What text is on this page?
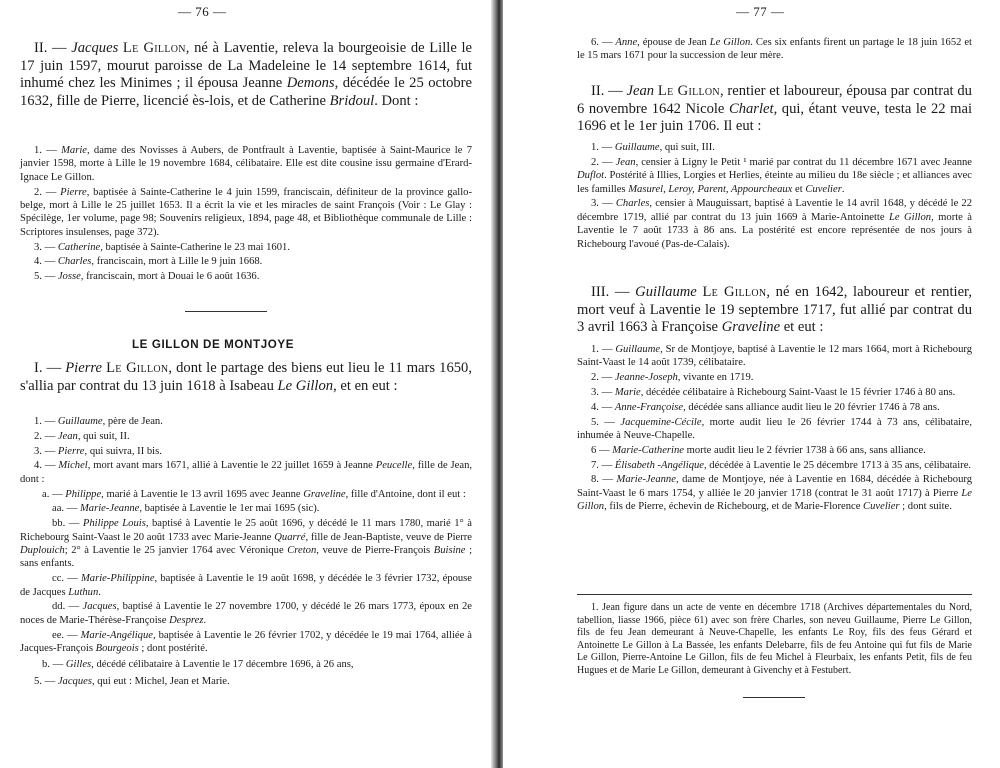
— 76 —

II. — Jacques Le Gillon, né à Laventie, releva la bourgeoisie de Lille le 17 juin 1597, mourut paroisse de La Madeleine le 14 septembre 1614, fut inhumé chez les Minimes ; il épousa Jeanne Demons, décédée le 25 octobre 1632, fille de Pierre, licencié ès-lois, et de Catherine Bridoul. Dont :

1. — Marie, dame des Novisses à Aubers, de Pontfrault à Laventie, baptisée à Saint-Maurice le 7 janvier 1598, morte à Lille le 19 novembre 1684, célibataire. Elle est dite cousine issu germaine d'Erard-Ignace Le Gillon.

2. — Pierre, baptisée à Sainte-Catherine le 4 juin 1599, franciscain, définiteur de la province gallo-belge, mort à Lille le 25 juillet 1653. Il a écrit la vie et les miracles de saint François (Voir : Le Glay : Spécilège, 1er volume, page 98; Souvenirs religieux, 1894, page 48, et Bibliothèque communale de Lille : Scriptores insulenses, page 372).

3. — Catherine, baptisée à Sainte-Catherine le 23 mai 1601.

4. — Charles, franciscain, mort à Lille le 9 juin 1668.

5. — Josse, franciscain, mort à Douai le 6 août 1636.

LE GILLON DE MONTJOYE

I. — Pierre Le Gillon, dont le partage des biens eut lieu le 11 mars 1650, s'allia par contrat du 13 juin 1618 à Isabeau Le Gillon, et en eut :

1. — Guillaume, père de Jean.

2. — Jean, qui suit, II.

3. — Pierre, qui suivra, II bis.

4. — Michel, mort avant mars 1671, allié à Laventie le 22 juillet 1659 à Jeanne Peucelle, fille de Jean, dont :

a. — Philippe, marié à Laventie le 13 avril 1695 avec Jeanne Graveline, fille d'Antoine, dont il eut :

aa. — Marie-Jeanne, baptisée à Laventie le 1er mai 1695 (sic).

bb. — Philippe Louis, baptisé à Laventie le 25 août 1696, y décédé le 11 mars 1780, marié 1° à Richebourg Saint-Vaast le 20 août 1733 avec Marie-Jeanne Quarré, fille de Jean-Baptiste, veuve de Pierre Duplouich; 2° à Laventie le 25 janvier 1764 avec Véronique Creton, veuve de Pierre-François Buisine ; sans enfants.

cc. — Marie-Philippine, baptisée à Laventie le 19 août 1698, y décédée le 3 février 1732, épouse de Jacques Luthun.

dd. — Jacques, baptisé à Laventie le 27 novembre 1700, y décédé le 26 mars 1773, époux en 2e noces de Marie-Thérèse-Françoise Desprez.

ee. — Marie-Angélique, baptisée à Laventie le 26 février 1702, y décédée le 19 mai 1764, alliée à Jacques-François Bourgeois ; dont postérité.

b. — Gilles, décédé célibataire à Laventie le 17 décembre 1696, à 26 ans,

5. — Jacques, qui eut : Michel, Jean et Marie.

— 77 —

6. — Anne, épouse de Jean Le Gillon. Ces six enfants firent un partage le 18 juin 1652 et le 15 mars 1671 pour la succession de leur mère.

II. — Jean Le Gillon, rentier et laboureur, épousa par contrat du 6 novembre 1642 Nicole Charlet, qui, étant veuve, testa le 22 mai 1696 et le 1er juin 1706. Il eut :

1. — Guillaume, qui suit, III.

2. — Jean, censier à Ligny le Petit ¹ marié par contrat du 11 décembre 1671 avec Jeanne Duflot. Postérité à Illies, Lorgies et Herlies, éteinte au milieu du 18e siècle ; et alliances avec les familles Masurel, Leroy, Parent, Appourcheaux et Cuvelier.

3. — Charles, censier à Mauguissart, baptisé à Laventie le 14 avril 1648, y décédé le 22 décembre 1719, allié par contrat du 13 juin 1669 à Marie-Antoinette Le Gillon, morte à Laventie le 7 août 1733 à 86 ans. La postérité est encore représentée de nos jours à Richebourg l'avoué (Pas-de-Calais).

III. — Guillaume Le Gillon, né en 1642, laboureur et rentier, mort veuf à Laventie le 19 septembre 1717, fut allié par contrat du 3 avril 1663 à Françoise Graveline et eut :

1. — Guillaume, Sr de Montjoye, baptisé à Laventie le 12 mars 1664, mort à Richebourg Saint-Vaast le 14 août 1739, célibataire.

2. — Jeanne-Joseph, vivante en 1719.

3. — Marie, décédée célibataire à Richebourg Saint-Vaast le 15 février 1746 à 80 ans.

4. — Anne-Françoise, décédée sans alliance audit lieu le 20 février 1746 à 78 ans.

5. — Jacquemine-Cécile, morte audit lieu le 26 février 1744 à 73 ans, célibataire, inhumée à Neuve-Chapelle.

6 — Marie-Catherine morte audit lieu le 2 février 1738 à 66 ans, sans alliance.

7. — Élisabeth -Angélique, décédée à Laventie le 25 décembre 1713 à 35 ans, célibataire.

8. — Marie-Jeanne, dame de Montjoye, née à Laventie en 1684, décédée à Richebourg Saint-Vaast le 6 mars 1754, y alliée le 20 janvier 1718 (contrat le 31 août 1717) à Pierre Le Gillon, fils de Pierre, échevin de Richebourg, et de Marie-Florence Cuvelier ; dont suite.

1. Jean figure dans un acte de vente en décembre 1718 (Archives départementales du Nord, tabellion, liasse 1966, pièce 61) avec son frère Charles, son neveu Guillaume, Pierre Le Gillon, fils de feu Jean demeurant à Neuve-Chapelle, les enfants Le Roy, fils des feus Gérard et Antoinette Le Gillon à La Bassée, les enfants Delebarre, fils de feu Antoine qui fut fils de Marie Le Gillon, Pierre-Antoine Le Gillon, fils de feu Michel à Fleurbaix, les enfants Petit, fils de feu Hugues et de Marie Le Gillon, demeurant à Givenchy et à Festubert.
